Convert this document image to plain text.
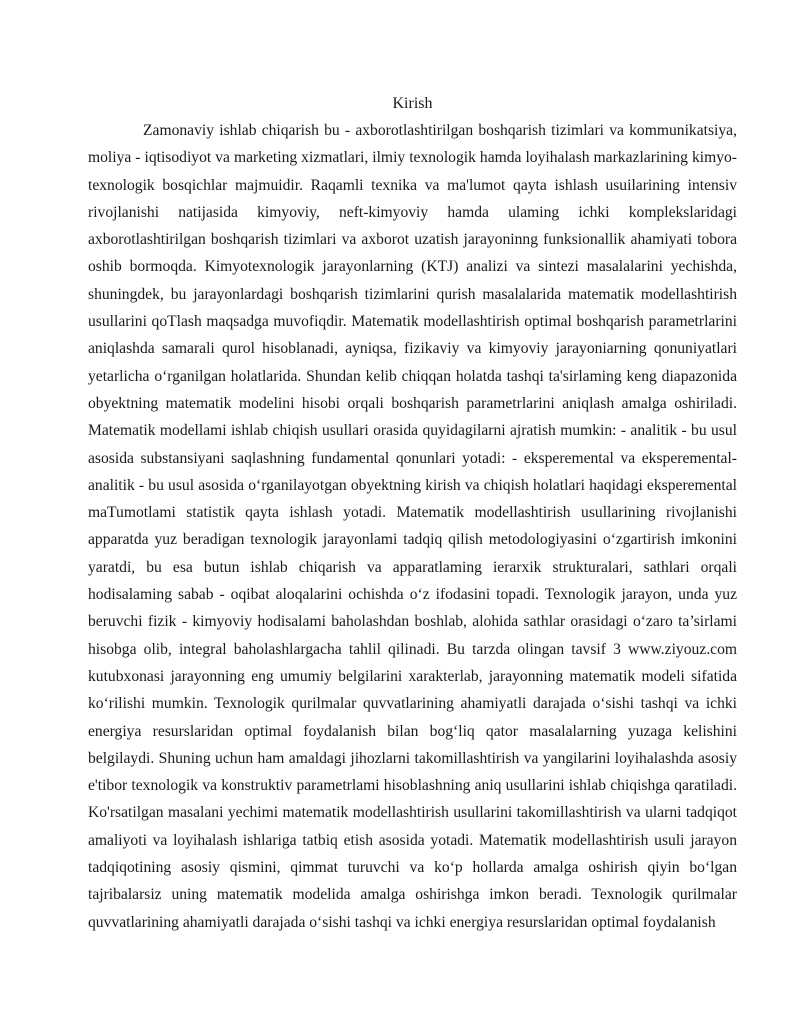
Kirish

Zamonaviy ishlab chiqarish bu - axborotlashtirilgan boshqarish tizimlari va kommunikatsiya, moliya - iqtisodiyot va marketing xizmatlari, ilmiy texnologik hamda loyihalash markazlarining kimyo-texnologik bosqichlar majmuidir. Raqamli texnika va ma'lumot qayta ishlash usuilarining intensiv rivojlanishi natijasida kimyoviy, neft-kimyoviy hamda ulaming ichki komplekslaridagi axborotlashtirilgan boshqarish tizimlari va axborot uzatish jarayoninng funksionallik ahamiyati tobora oshib bormoqda. Kimyotexnologik jarayonlarning (KTJ) analizi va sintezi masalalarini yechishda, shuningdek, bu jarayonlardagi boshqarish tizimlarini qurish masalalarida matematik modellashtirish usullarini qoTlash maqsadga muvofiqdir. Matematik modellashtirish optimal boshqarish parametrlarini aniqlashda samarali qurol hisoblanadi, ayniqsa, fizikaviy va kimyoviy jarayoniarning qonuniyatlari yetarlicha o‘rganilgan holatlarida. Shundan kelib chiqqan holatda tashqi ta'sirlaming keng diapazonida obyektning matematik modelini hisobi orqali boshqarish parametrlarini aniqlash amalga oshiriladi. Matematik modellami ishlab chiqish usullari orasida quyidagilarni ajratish mumkin: - analitik - bu usul asosida substansiyani saqlashning fundamental qonunlari yotadi: - eksperemental va eksperemental-analitik - bu usul asosida o‘rganilayotgan obyektning kirish va chiqish holatlari haqidagi eksperemental maTumotlami statistik qayta ishlash yotadi. Matematik modellashtirish usullarining rivojlanishi apparatda yuz beradigan texnologik jarayonlami tadqiq qilish metodologiyasini o‘zgartirish imkonini yaratdi, bu esa butun ishlab chiqarish va apparatlaming ierarxik strukturalari, sathlari orqali hodisalaming sabab - oqibat aloqalarini ochishda o‘z ifodasini topadi. Texnologik jarayon, unda yuz beruvchi fizik - kimyoviy hodisalami baholashdan boshlab, alohida sathlar orasidagi o‘zaro ta’sirlami hisobga olib, integral baholashlargacha tahlil qilinadi. Bu tarzda olingan tavsif 3 www.ziyouz.com kutubxonasi jarayonning eng umumiy belgilarini xarakterlab, jarayonning matematik modeli sifatida ko‘rilishi mumkin. Texnologik qurilmalar quvvatlarining ahamiyatli darajada o‘sishi tashqi va ichki energiya resurslaridan optimal foydalanish bilan bog‘liq qator masalalarning yuzaga kelishini belgilaydi. Shuning uchun ham amaldagi jihozlarni takomillashtirish va yangilarini loyihalashda asosiy e'tibor texnologik va konstruktiv parametrlami hisoblashning aniq usullarini ishlab chiqishga qaratiladi. Ko'rsatilgan masalani yechimi matematik modellashtirish usullarini takomillashtirish va ularni tadqiqot amaliyoti va loyihalash ishlariga tatbiq etish asosida yotadi. Matematik modellashtirish usuli jarayon tadqiqotining asosiy qismini, qimmat turuvchi va ko‘p hollarda amalga oshirish qiyin bo‘lgan tajribalarsiz uning matematik modelida amalga oshirishga imkon beradi. Texnologik qurilmalar quvvatlarining ahamiyatli darajada o‘sishi tashqi va ichki energiya resurslaridan optimal foydalanish
